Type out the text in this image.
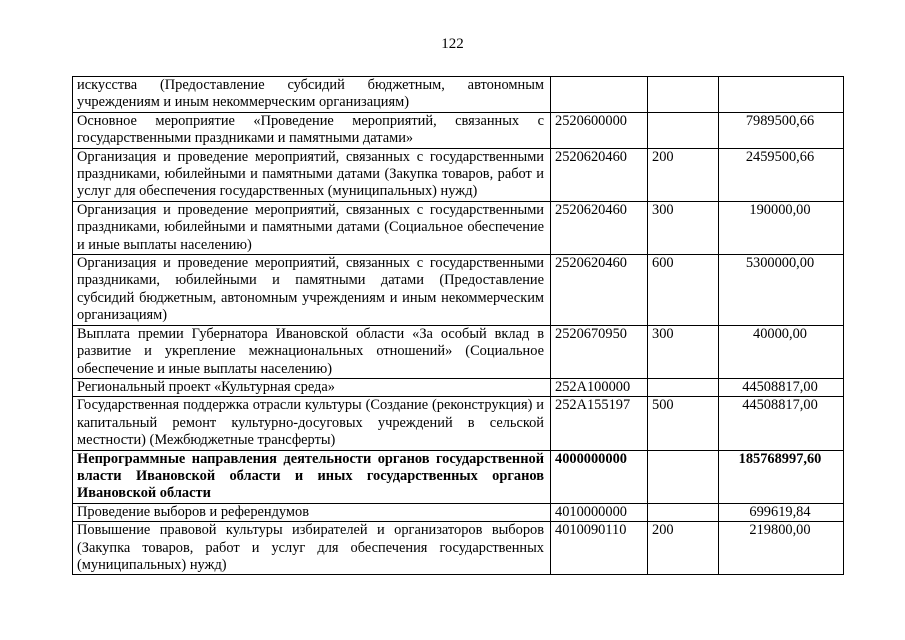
122
искусства (Предоставление субсидий бюджетным, автономным учреждениям и иным некоммерческим организациям)			
Основное мероприятие «Проведение мероприятий, связанных с государственными праздниками и памятными датами»	2520600000		7989500,66
Организация и проведение мероприятий, связанных с государственными праздниками, юбилейными и памятными датами (Закупка товаров, работ и услуг для обеспечения государственных (муниципальных) нужд)	2520620460	200	2459500,66
Организация и проведение мероприятий, связанных с государственными праздниками, юбилейными и памятными датами (Социальное обеспечение и иные выплаты населению)	2520620460	300	190000,00
Организация и проведение мероприятий, связанных с государственными праздниками, юбилейными и памятными датами (Предоставление субсидий бюджетным, автономным учреждениям и иным некоммерческим организациям)	2520620460	600	5300000,00
Выплата премии Губернатора Ивановской области «За особый вклад в развитие и укрепление межнациональных отношений» (Социальное обеспечение и иные выплаты населению)	2520670950	300	40000,00
Региональный проект «Культурная среда»	252A100000		44508817,00
Государственная поддержка отрасли культуры (Создание (реконструкция) и капитальный ремонт культурно-досуговых учреждений в сельской местности) (Межбюджетные трансферты)	252A155197	500	44508817,00
Непрограммные направления деятельности органов государственной власти Ивановской области и иных государственных органов Ивановской области	4000000000		185768997,60
Проведение выборов и референдумов	4010000000		699619,84
Повышение правовой культуры избирателей и организаторов выборов (Закупка товаров, работ и услуг для обеспечения государственных (муниципальных) нужд)	4010090110	200	219800,00
